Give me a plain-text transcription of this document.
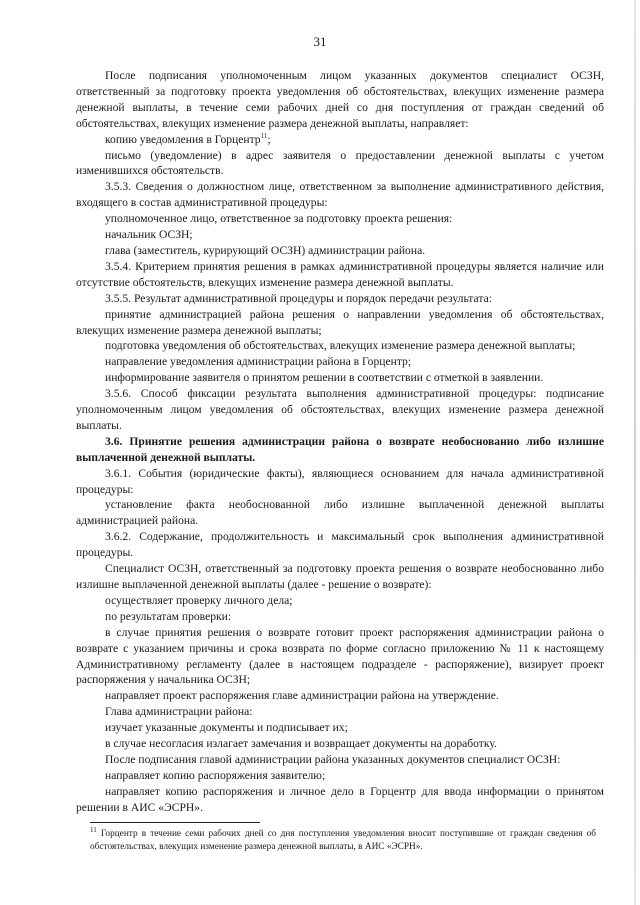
31

После подписания уполномоченным лицом указанных документов специалист ОСЗН, ответственный за подготовку проекта уведомления об обстоятельствах, влекущих изменение размера денежной выплаты, в течение семи рабочих дней со дня поступления от граждан сведений об обстоятельствах, влекущих изменение размера денежной выплаты, направляет:

копию уведомления в Горцентр$^{11}$;

письмо (уведомление) в адрес заявителя о предоставлении денежной выплаты с учетом изменившихся обстоятельств.

3.5.3. Сведения о должностном лице, ответственном за выполнение административного действия, входящего в состав административной процедуры:

уполномоченное лицо, ответственное за подготовку проекта решения:

начальник ОСЗН;

глава (заместитель, курирующий ОСЗН) администрации района.

3.5.4. Критерием принятия решения в рамках административной процедуры является наличие или отсутствие обстоятельств, влекущих изменение размера денежной выплаты.

3.5.5. Результат административной процедуры и порядок передачи результата:

принятие администрацией района решения о направлении уведомления об обстоятельствах, влекущих изменение размера денежной выплаты;

подготовка уведомления об обстоятельствах, влекущих изменение размера денежной выплаты;

направление уведомления администрации района в Горцентр;

информирование заявителя о принятом решении в соответствии с отметкой в заявлении.

3.5.6. Способ фиксации результата выполнения административной процедуры: подписание уполномоченным лицом уведомления об обстоятельствах, влекущих изменение размера денежной выплаты.

3.6. Принятие решения администрации района о возврате необоснованно либо излишне выплаченной денежной выплаты.

3.6.1. События (юридические факты), являющиеся основанием для начала административной процедуры:

установление факта необоснованной либо излишне выплаченной денежной выплаты администрацией района.

3.6.2. Содержание, продолжительность и максимальный срок выполнения административной процедуры.

Специалист ОСЗН, ответственный за подготовку проекта решения о возврате необоснованно либо излишне выплаченной денежной выплаты (далее - решение о возврате):

осуществляет проверку личного дела;

по результатам проверки:

в случае принятия решения о возврате готовит проект распоряжения администрации района о возврате с указанием причины и срока возврата по форме согласно приложению № 11 к настоящему Административному регламенту (далее в настоящем подразделе - распоряжение), визирует проект распоряжения у начальника ОСЗН;

направляет проект распоряжения главе администрации района на утверждение.

Глава администрации района:

изучает указанные документы и подписывает их;

в случае несогласия излагает замечания и возвращает документы на доработку.

После подписания главой администрации района указанных документов специалист ОСЗН:

направляет копию распоряжения заявителю;

направляет копию распоряжения и личное дело в Горцентр для ввода информации о принятом решении в АИС «ЭСРН».

$^{11}$ Горцентр в течение семи рабочих дней со дня поступления уведомления вносит поступившие от граждан сведения об обстоятельствах, влекущих изменение размера денежной выплаты, в АИС «ЭСРН».
